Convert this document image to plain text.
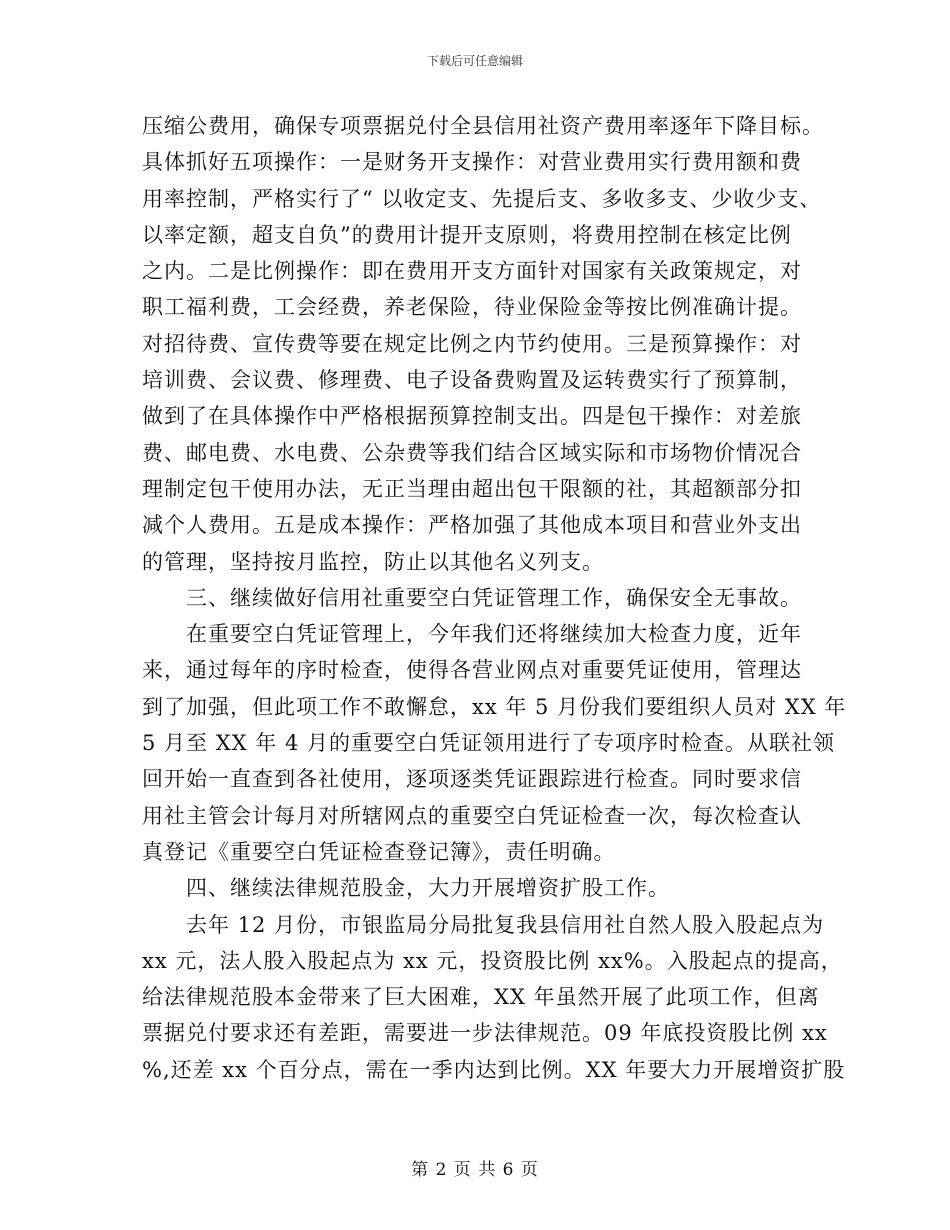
下载后可任意编辑
压缩公费用，确保专项票据兑付全县信用社资产费用率逐年下降目标。
具体抓好五项操作：一是财务开支操作：对营业费用实行费用额和费
用率控制，严格实行了“ 以收定支、先提后支、多收多支、少收少支、
以率定额，超支自负”的费用计提开支原则，将费用控制在核定比例
之内。二是比例操作：即在费用开支方面针对国家有关政策规定，对
职工福利费，工会经费，养老保险，待业保险金等按比例准确计提。
对招待费、宣传费等要在规定比例之内节约使用。三是预算操作：对
培训费、会议费、修理费、电子设备费购置及运转费实行了预算制，
做到了在具体操作中严格根据预算控制支出。四是包干操作：对差旅
费、邮电费、水电费、公杂费等我们结合区域实际和市场物价情况合
理制定包干使用办法，无正当理由超出包干限额的社，其超额部分扣
减个人费用。五是成本操作：严格加强了其他成本项目和营业外支出
的管理，坚持按月监控，防止以其他名义列支。
三、继续做好信用社重要空白凭证管理工作，确保安全无事故。
在重要空白凭证管理上，今年我们还将继续加大检查力度，近年
来，通过每年的序时检查，使得各营业网点对重要凭证使用，管理达
到了加强，但此项工作不敢懈怠，xx 年 5 月份我们要组织人员对 XX 年
5 月至 XX 年 4 月的重要空白凭证领用进行了专项序时检查。从联社领
回开始一直查到各社使用，逐项逐类凭证跟踪进行检查。同时要求信
用社主管会计每月对所辖网点的重要空白凭证检查一次，每次检查认
真登记《重要空白凭证检查登记簿》，责任明确。
四、继续法律规范股金，大力开展增资扩股工作。
去年 12 月份，市银监局分局批复我县信用社自然人股入股起点为
xx 元，法人股入股起点为 xx 元，投资股比例 xx%。入股起点的提高，
给法律规范股本金带来了巨大困难，XX 年虽然开展了此项工作，但离
票据兑付要求还有差距，需要进一步法律规范。09 年底投资股比例 xx
%,还差 xx 个百分点，需在一季内达到比例。XX 年要大力开展增资扩股
第 2 页 共 6 页
